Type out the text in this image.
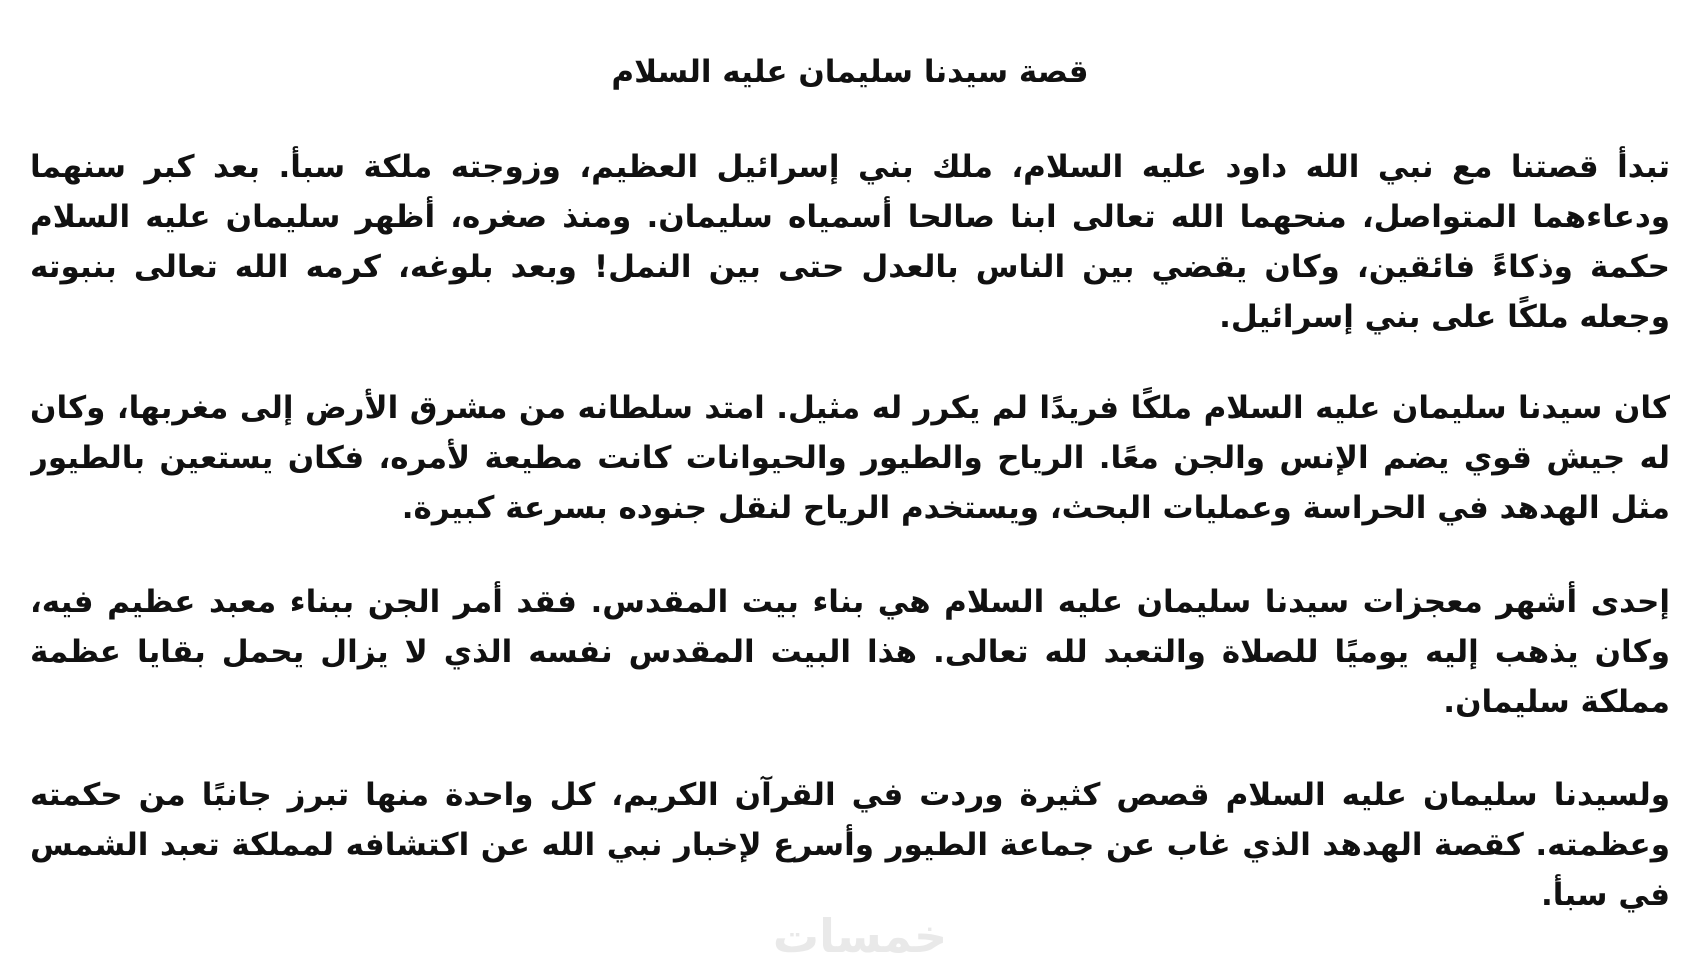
قصة سيدنا سليمان عليه السلام

تبدأ قصتنا مع نبي الله داود عليه السلام، ملك بني إسرائيل العظيم، وزوجته ملكة سبأ. بعد كبر سنهما ودعاءهما المتواصل، منحهما الله تعالى ابنا صالحا أسمياه سليمان. ومنذ صغره، أظهر سليمان عليه السلام حكمة وذكاءً فائقين، وكان يقضي بين الناس بالعدل حتى بين النمل! وبعد بلوغه، كرمه الله تعالى بنبوته وجعله ملكًا على بني إسرائيل.

كان سيدنا سليمان عليه السلام ملكًا فريدًا لم يكرر له مثيل. امتد سلطانه من مشرق الأرض إلى مغربها، وكان له جيش قوي يضم الإنس والجن معًا. الرياح والطيور والحيوانات كانت مطيعة لأمره، فكان يستعين بالطيور مثل الهدهد في الحراسة وعمليات البحث، ويستخدم الرياح لنقل جنوده بسرعة كبيرة.

إحدى أشهر معجزات سيدنا سليمان عليه السلام هي بناء بيت المقدس. فقد أمر الجن ببناء معبد عظيم فيه، وكان يذهب إليه يوميًا للصلاة والتعبد لله تعالى. هذا البيت المقدس نفسه الذي لا يزال يحمل بقايا عظمة مملكة سليمان.

ولسيدنا سليمان عليه السلام قصص كثيرة وردت في القرآن الكريم، كل واحدة منها تبرز جانبًا من حكمته وعظمته. كقصة الهدهد الذي غاب عن جماعة الطيور وأسرع لإخبار نبي الله عن اكتشافه لمملكة تعبد الشمس في سبأ.

خمسات
